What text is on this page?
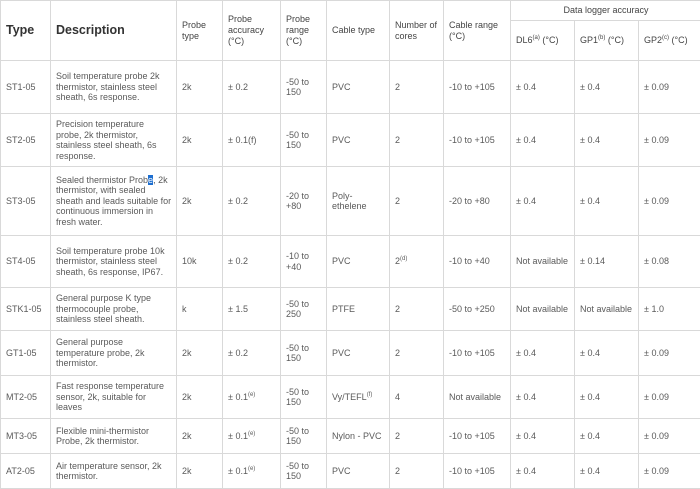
Type	Description	Probe type	Probe accuracy (°C)	Probe range (°C)	Cable type	Number of cores	Cable range (°C)	Data logger accuracy		
								DL6$^{(a)}$ (°C)	GP1$^{(b)}$ (°C)	GP2$^{(c)}$ (°C)
ST1-05	Soil temperature probe 2k thermistor, stainless steel sheath, 6s response.	2k	± 0.2	-50 to 150	PVC	2	-10 to +105	± 0.4	± 0.4	± 0.09
ST2-05	Precision temperature probe, 2k thermistor, stainless steel sheath, 6s response.	2k	± 0.1(f)	-50 to 150	PVC	2	-10 to +105	± 0.4	± 0.4	± 0.09
ST3-05	Sealed thermistor Probe, 2k thermistor, with sealed sheath and leads suitable for continuous immersion in fresh water.	2k	± 0.2	-20 to +80	Poly-ethelene	2	-20 to +80	± 0.4	± 0.4	± 0.09
ST4-05	Soil temperature probe 10k thermistor, stainless steel sheath, 6s response, IP67.	10k	± 0.2	-10 to +40	PVC	2$^{(d)}$	-10 to +40	Not available	± 0.14	± 0.08
STK1-05	General purpose K type thermocouple probe, stainless steel sheath.	k	± 1.5	-50 to 250	PTFE	2	-50 to +250	Not available	Not available	± 1.0
GT1-05	General purpose temperature probe, 2k thermistor.	2k	± 0.2	-50 to 150	PVC	2	-10 to +105	± 0.4	± 0.4	± 0.09
MT2-05	Fast response temperature sensor, 2k, suitable for leaves	2k	± $0.1^{(e)}$	-50 to 150	Vy/TEFL$^{(f)}$	4	Not available	± 0.4	± 0.4	± 0.09
MT3-05	Flexible mini-thermistor Probe, 2k thermistor.	2k	± $0.1^{(e)}$	-50 to 150	Nylon - PVC	2	-10 to +105	± 0.4	± 0.4	± 0.09
AT2-05	Air temperature sensor, 2k thermistor.	2k	± $0.1^{(e)}$	-50 to 150	PVC	2	-10 to +105	± 0.4	± 0.4	± 0.09
